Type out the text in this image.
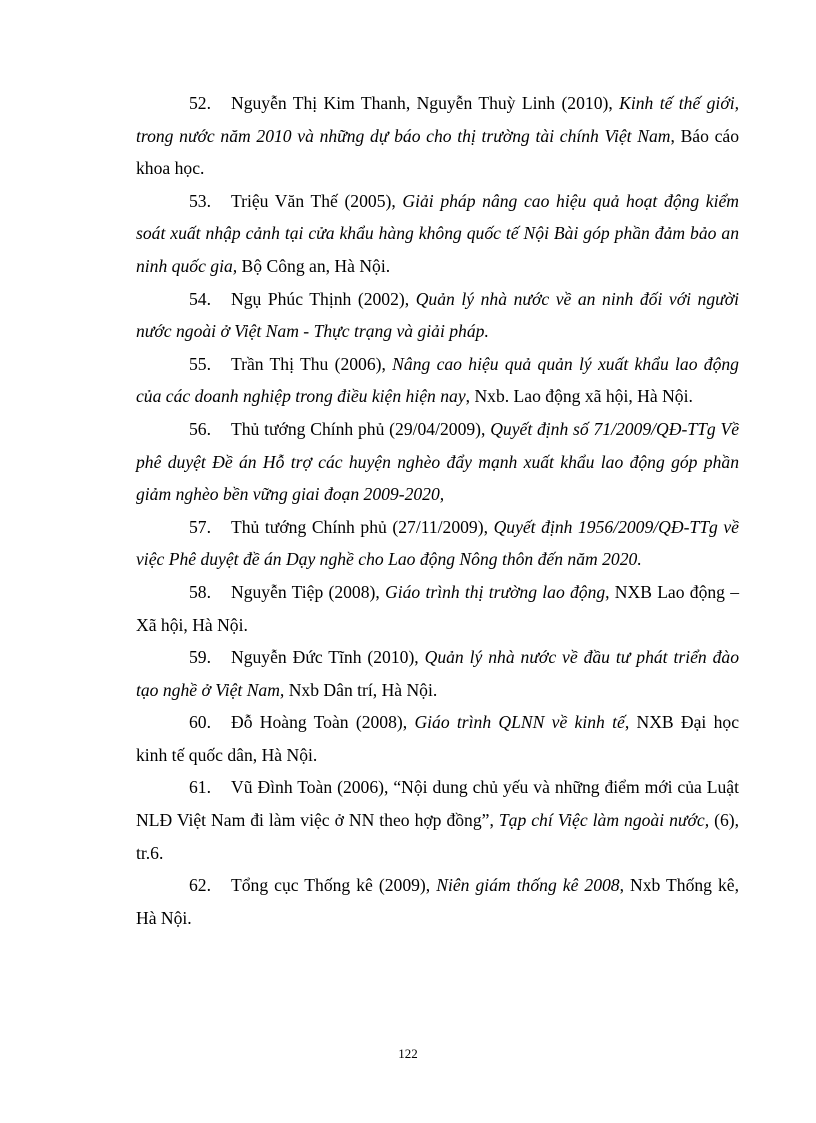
52. Nguyễn Thị Kim Thanh, Nguyễn Thuỳ Linh (2010), Kinh tế thế giới, trong nước năm 2010 và những dự báo cho thị trường tài chính Việt Nam, Báo cáo khoa học.

53. Triệu Văn Thế (2005), Giải pháp nâng cao hiệu quả hoạt động kiểm soát xuất nhập cảnh tại cửa khẩu hàng không quốc tế Nội Bài góp phần đảm bảo an ninh quốc gia, Bộ Công an, Hà Nội.

54. Ngụ Phúc Thịnh (2002), Quản lý nhà nước về an ninh đối với người nước ngoài ở Việt Nam - Thực trạng và giải pháp.

55. Trần Thị Thu (2006), Nâng cao hiệu quả quản lý xuất khẩu lao động của các doanh nghiệp trong điều kiện hiện nay, Nxb. Lao động xã hội, Hà Nội.

56. Thủ tướng Chính phủ (29/04/2009), Quyết định số 71/2009/QĐ-TTg Về phê duyệt Đề án Hỗ trợ các huyện nghèo đẩy mạnh xuất khẩu lao động góp phần giảm nghèo bền vững giai đoạn 2009-2020,

57. Thủ tướng Chính phủ (27/11/2009), Quyết định 1956/2009/QĐ-TTg về việc Phê duyệt đề án Dạy nghề cho Lao động Nông thôn đến năm 2020.

58. Nguyễn Tiệp (2008), Giáo trình thị trường lao động, NXB Lao động – Xã hội, Hà Nội.

59. Nguyễn Đức Tĩnh (2010), Quản lý nhà nước về đầu tư phát triển đào tạo nghề ở Việt Nam, Nxb Dân trí, Hà Nội.

60. Đỗ Hoàng Toàn (2008), Giáo trình QLNN về kinh tế, NXB Đại học kinh tế quốc dân, Hà Nội.

61. Vũ Đình Toàn (2006), “Nội dung chủ yếu và những điểm mới của Luật NLĐ Việt Nam đi làm việc ở NN theo hợp đồng”, Tạp chí Việc làm ngoài nước, (6), tr.6.

62. Tổng cục Thống kê (2009), Niên giám thống kê 2008, Nxb Thống kê, Hà Nội.

122
